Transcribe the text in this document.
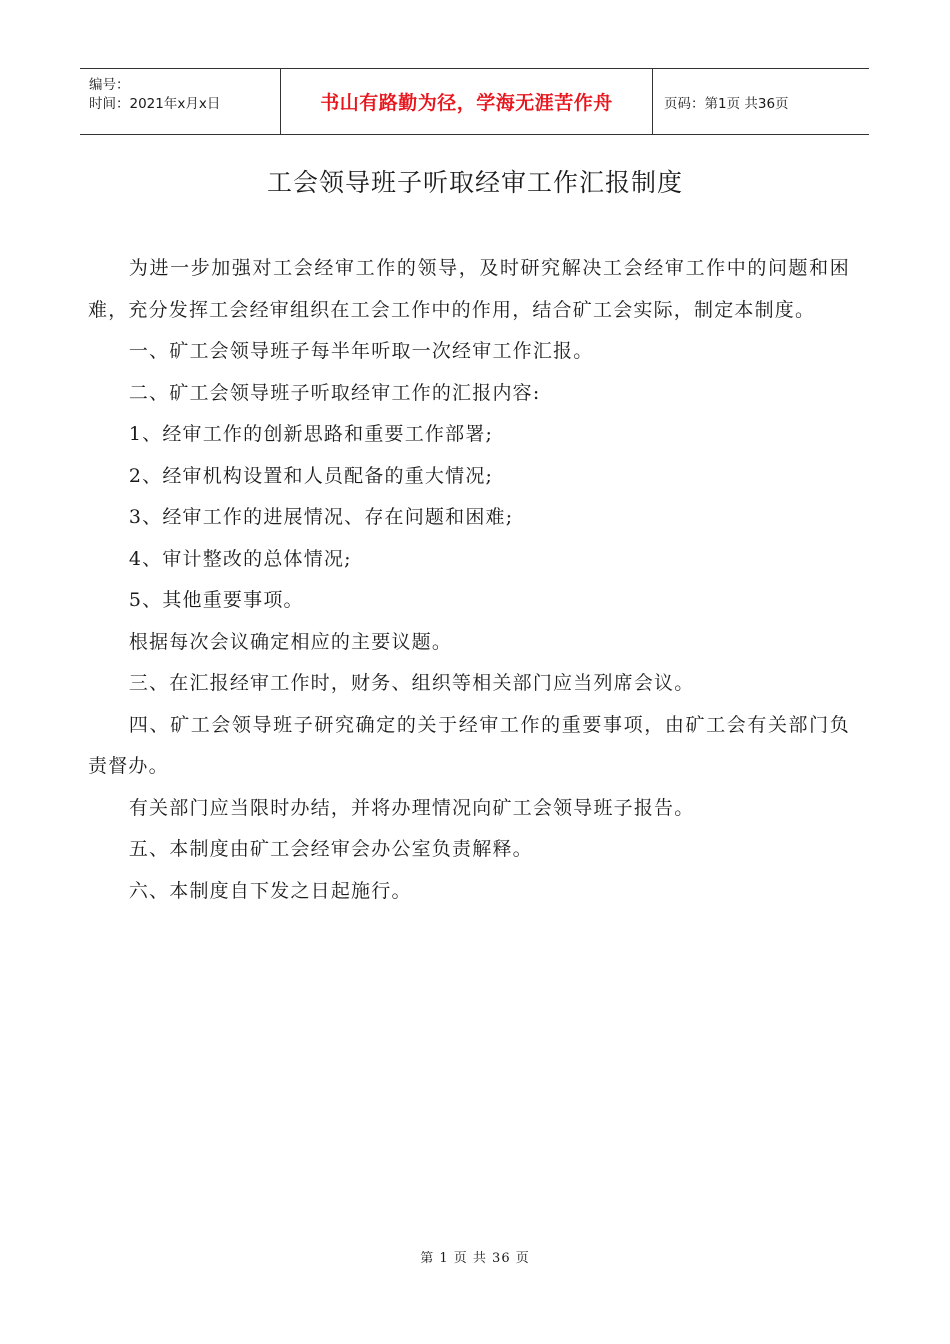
编号：
时间：2021年x月x日	书山有路勤为径，学海无涯苦作舟	页码：第1页 共36页
工会领导班子听取经审工作汇报制度

为进一步加强对工会经审工作的领导，及时研究解决工会经审工作中的问题和困难，充分发挥工会经审组织在工会工作中的作用，结合矿工会实际，制定本制度。

一、矿工会领导班子每半年听取一次经审工作汇报。

二、矿工会领导班子听取经审工作的汇报内容:

1、经审工作的创新思路和重要工作部署;

2、经审机构设置和人员配备的重大情况;

3、经审工作的进展情况、存在问题和困难;

4、审计整改的总体情况;

5、其他重要事项。

根据每次会议确定相应的主要议题。

三、在汇报经审工作时，财务、组织等相关部门应当列席会议。

四、矿工会领导班子研究确定的关于经审工作的重要事项，由矿工会有关部门负责督办。

有关部门应当限时办结，并将办理情况向矿工会领导班子报告。

五、本制度由矿工会经审会办公室负责解释。

六、本制度自下发之日起施行。

第 1 页 共 36 页
